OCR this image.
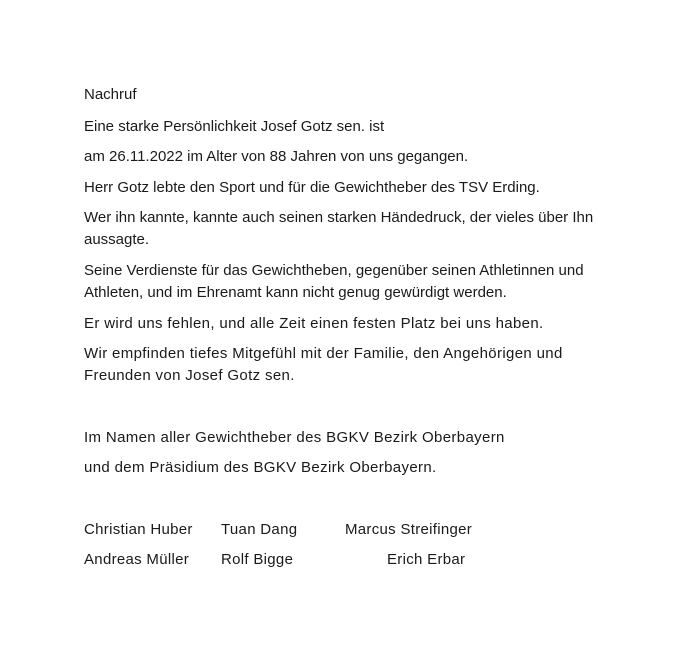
Nachruf
Eine starke Persönlichkeit Josef Gotz sen. ist
am 26.11.2022 im Alter von 88 Jahren von uns gegangen.
Herr Gotz lebte den Sport und für die Gewichtheber des TSV Erding.
Wer ihn kannte, kannte auch seinen starken Händedruck, der vieles über Ihn aussagte.
Seine Verdienste für das Gewichtheben, gegenüber seinen Athletinnen und Athleten, und im Ehrenamt kann nicht genug gewürdigt werden.
Er wird uns fehlen, und alle Zeit einen festen Platz bei uns haben.
Wir empfinden tiefes Mitgefühl mit der Familie, den Angehörigen und Freunden von Josef Gotz sen.
Im Namen aller Gewichtheber des BGKV Bezirk Oberbayern
und dem Präsidium des BGKV Bezirk Oberbayern.
Christian Huber Tuan Dang	Marcus Streifinger
Andreas Müller Rolf Bigge	Erich Erbar
